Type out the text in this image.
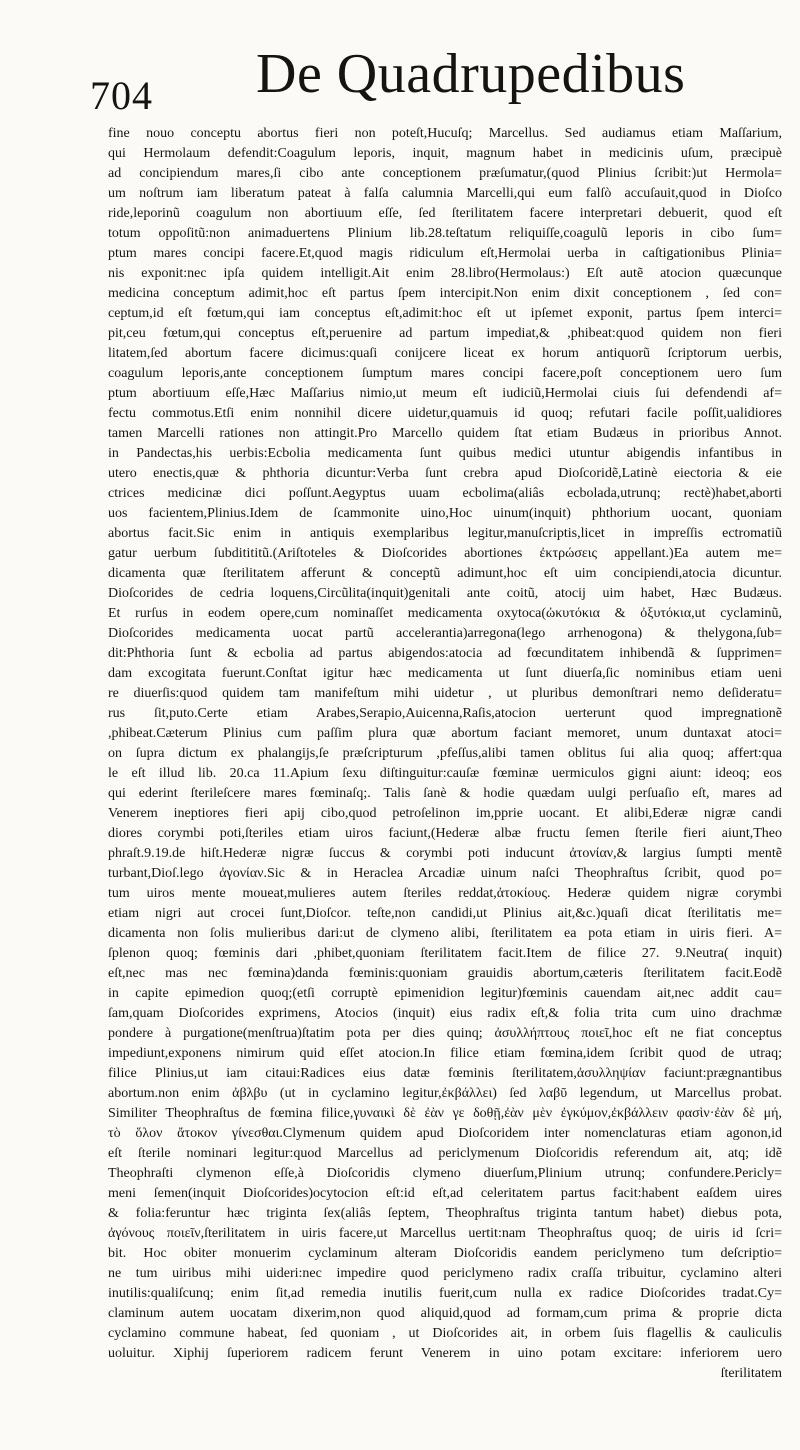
704 De Quadrupedibus
fine nouo conceptu abortus fieri non poteſt,Hucuſq; Marcellus. Sed audiamus etiam Maſſarium,
qui Hermolaum defendit:Coagulum leporis, inquit, magnum habet in medicinis uſum, præcipuè
ad concipiendum mares,ſi cibo ante conceptionem præſumatur,(quod Plinius ſcribit:)ut Hermola=
um noſtrum iam liberatum pateat à falſa calumnia Marcelli,qui eum falſò accuſauit,quod in Dioſco
ride,leporinũ coagulum non abortiuum eſſe, ſed ſterilitatem facere interpretari debuerit, quod eſt
totum oppoſitũ:non animaduertens Plinium lib.28.teſtatum reliquiſſe,coagulũ leporis in cibo ſum=
ptum mares concipi facere.Et,quod magis ridiculum eſt,Hermolai uerba in caſtigationibus Plinia=
nis exponit:nec ipſa quidem intelligit.Ait enim 28.libro(Hermolaus:) Eſt autẽ atocion quæcunque
medicina conceptum adimit,hoc eſt partus ſpem intercipit.Non enim dixit conceptionem , ſed con=
ceptum,id eſt fœtum,qui iam conceptus eſt,adimit:hoc eſt ut ipſemet exponit, partus ſpem interci=
pit,ceu fœtum,qui conceptus eſt,peruenire ad partum impediat,& ,phibeat:quod quidem non fieri
litatem,ſed abortum facere dicimus:quaſi conijcere liceat ex horum antiquorũ ſcriptorum uerbis,
coagulum leporis,ante conceptionem ſumptum mares concipi facere,poſt conceptionem uero ſum
ptum abortiuum eſſe,Hæc Maſſarius nimio,ut meum eſt iudiciũ,Hermolai ciuis ſui defendendi af=
fectu commotus.Etſi enim nonnihil dicere uidetur,quamuis id quoq; refutari facile poſſit,ualidiores
tamen Marcelli rationes non attingit.Pro Marcello quidem ſtat etiam Budæus in prioribus Annot.
in Pandectas,his uerbis:Ecbolia medicamenta ſunt quibus medici utuntur abigendis infantibus in
utero enectis,quæ & phthoria dicuntur:Verba ſunt crebra apud Dioſcoridẽ,Latinè eiectoria & eie
ctrices medicinæ dici poſſunt.Aegyptus uuam ecbolima(aliâs ecbolada,utrunq; rectè)habet,aborti
uos facientem,Plinius.Idem de ſcammonite uino,Hoc uinum(inquit) phthorium uocant, quoniam
abortus facit.Sic enim in antiquis exemplaribus legitur,manuſcriptis,licet in impreſſis ectromatiũ
gatur uerbum ſubditititũ.(Ariſtoteles & Dioſcorides abortiones ἐκτρώσεις appellant.)Ea autem me=
dicamenta quæ ſterilitatem afferunt & conceptũ adimunt,hoc eſt uim concipiendi,atocia dicuntur.
Dioſcorides de cedria loquens,Circũlita(inquit)genitali ante coitũ, atocij uim habet, Hæc Budæus.
Et rurſus in eodem opere,cum nominaſſet medicamenta oxytoca(ὠκυτόκια & ὀξυτόκια,ut cyclaminũ,
Dioſcorides medicamenta uocat partũ accelerantia)arregona(lego arrhenogona) & thelygona,ſub=
dit:Phthoria ſunt & ecbolia ad partus abigendos:atocia ad fœcunditatem inhibendã & ſupprimen=
dam excogitata fuerunt.Conſtat igitur hæc medicamenta ut ſunt diuerſa,ſic nominibus etiam ueni
re diuerſis:quod quidem tam manifeſtum mihi uidetur , ut pluribus demonſtrari nemo deſideratu=
rus ſit,puto.Certe etiam Arabes,Serapio,Auicenna,Raſis,atocion uerterunt quod impregnationẽ
,phibeat.Cæterum Plinius cum paſſim plura quæ abortum faciant memoret, unum duntaxat atoci=
on ſupra dictum ex phalangijs,ſe præſcripturum ,pfeſſus,alibi tamen oblitus ſui alia quoq; affert:qua
le eſt illud lib. 20.ca 11.Apium ſexu diſtinguitur:cauſæ fœminæ uermiculos gigni aiunt: ideoq; eos
qui ederint ſterileſcere mares fœminaſq;. Talis ſanè & hodie quædam uulgi perſuaſio eſt, mares ad
Venerem ineptiores fieri apij cibo,quod petroſelinon im,pprie uocant. Et alibi,Ederæ nigræ candi
diores corymbi poti,ſteriles etiam uiros faciunt,(Hederæ albæ fructu ſemen ſterile fieri aiunt,Theo
phraſt.9.19.de hiſt.Hederæ nigræ ſuccus & corymbi poti inducunt ἀτονίαν,& largius ſumpti mentẽ
turbant,Dioſ.lego ἀγονίαν.Sic & in Heraclea Arcadiæ uinum naſci Theophraſtus ſcribit, quod po=
tum uiros mente moueat,mulieres autem ſteriles reddat,ἀτοκίους. Hederæ quidem nigræ corymbi
etiam nigri aut crocei ſunt,Dioſcor. teſte,non candidi,ut Plinius ait,&c.)quaſi dicat ſterilitatis me=
dicamenta non ſolis mulieribus dari:ut de clymeno alibi, ſterilitatem ea pota etiam in uiris fieri. A=
ſplenon quoq; fœminis dari ,phibet,quoniam ſterilitatem facit.Item de filice 27. 9.Neutra( inquit)
eſt,nec mas nec fœmina)danda fœminis:quoniam grauidis abortum,cæteris ſterilitatem facit.Eodẽ
in capite epimedion quoq;(etſi corruptè epimenidion legitur)fœminis cauendam ait,nec addit cau=
ſam,quam Dioſcorides exprimens, Atocios (inquit) eius radix eſt,& folia trita cum uino drachmæ
pondere à purgatione(menſtrua)ſtatim pota per dies quinq; ἀσυλλήπτους ποιεῖ,hoc eſt ne fiat conceptus
impediunt,exponens nimirum quid eſſet atocion.In filice etiam fœmina,idem ſcribit quod de utraq;
filice Plinius,ut iam citaui:Radices eius datæ fœminis ſterilitatem,ἀσυλληψίαν faciunt:prægnantibus
abortum.non enim ἀβλβυ (ut in cyclamino legitur,ἐκβάλλει) ſed λαβῦ legendum, ut Marcellus probat.
Similiter Theophraſtus de fœmina filice,γυναικὶ δὲ ἐὰν γε δοθῇ,ἐὰν μὲν ἐγκύμον,ἐκβάλλειν φασὶν·ἐὰν δὲ μή,
τὸ ὅλον ἄτοκον γίνεσθαι.Clymenum quidem apud Dioſcoridem inter nomenclaturas etiam agonon,id
eſt ſterile nominari legitur:quod Marcellus ad periclymenum Dioſcoridis referendum ait, atq; idẽ
Theophraſti clymenon eſſe,à Dioſcoridis clymeno diuerſum,Plinium utrunq; confundere.Pericly=
meni ſemen(inquit Dioſcorides)ocytocion eſt:id eſt,ad celeritatem partus facit:habent eaſdem uires
& folia:feruntur hæc triginta ſex(aliâs ſeptem, Theophraſtus triginta tantum habet) diebus pota,
ἀγόνους ποιεῖν,ſterilitatem in uiris facere,ut Marcellus uertit:nam Theophraſtus quoq; de uiris id ſcri=
bit. Hoc obiter monuerim cyclaminum alteram Dioſcoridis eandem periclymeno tum deſcriptio=
ne tum uiribus mihi uideri:nec impedire quod periclymeno radix craſſa tribuitur, cyclamino alteri
inutilis:qualiſcunq; enim ſit,ad remedia inutilis fuerit,cum nulla ex radice Dioſcorides tradat.Cy=
claminum autem uocatam dixerim,non quod aliquid,quod ad formam,cum prima & proprie dicta
cyclamino commune habeat, ſed quoniam , ut Dioſcorides ait, in orbem ſuis flagellis & cauliculis
uoluitur. Xiphij ſuperiorem radicem ferunt Venerem in uino potam excitare: inferiorem uero
ſterilitatem
